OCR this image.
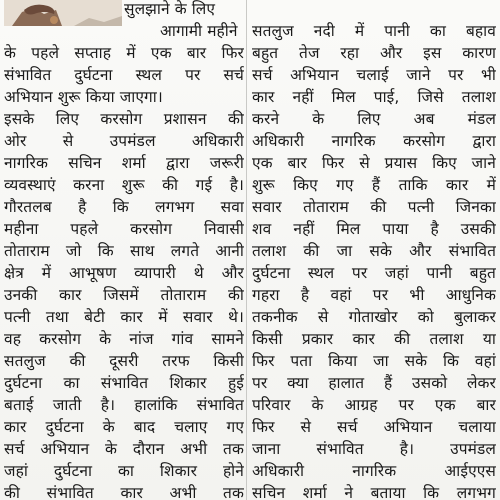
सुलझाने के लिए
आगामी महीने
के पहले सप्ताह में एक बार फिर
संभावित दुर्घटना स्थल पर सर्च
अभियान शुरू किया जाएगा।
इसके लिए करसोग प्रशासन की
ओर से उपमंडल अधिकारी
नागरिक सचिन शर्मा द्वारा जरूरी
व्यवस्थाएं करना शुरू की गई है।
गौरतलब है कि लगभग सवा
महीना पहले करसोग निवासी
तोताराम जो कि साथ लगते आनी
क्षेत्र में आभूषण व्यापारी थे और
उनकी कार जिसमें तोताराम की
पत्नी तथा बेटी कार में सवार थे।
वह करसोग के नांज गांव सामने
सतलुज की दूसरी तरफ किसी
दुर्घटना का संभावित शिकार हुई
बताई जाती है। हालांकि संभावित
कार दुर्घटना के बाद चलाए गए
सर्च अभियान के दौरान अभी तक
जहां दुर्घटना का शिकार होने
की संभावित कार अभी तक
सतलुज नदी में पानी का बहाव
बहुत तेज रहा और इस कारण
सर्च अभियान चलाई जाने पर भी
कार नहीं मिल पाई, जिसे तलाश
करने के लिए अब मंडल
अधिकारी नागरिक करसोग द्वारा
एक बार फिर से प्रयास किए जाने
शुरू किए गए हैं ताकि कार में
सवार तोताराम की पत्नी जिनका
शव नहीं मिल पाया है उसकी
तलाश की जा सके और संभावित
दुर्घटना स्थल पर जहां पानी बहुत
गहरा है वहां पर भी आधुनिक
तकनीक से गोताखोर को बुलाकर
किसी प्रकार कार की तलाश या
फिर पता किया जा सके कि वहां
पर क्या हालात हैं उसको लेकर
परिवार के आग्रह पर एक बार
फिर से सर्च अभियान चलाया
जाना संभावित है। उपमंडल
अधिकारी नागरिक आईएएस
सचिन शर्मा ने बताया कि लगभग
